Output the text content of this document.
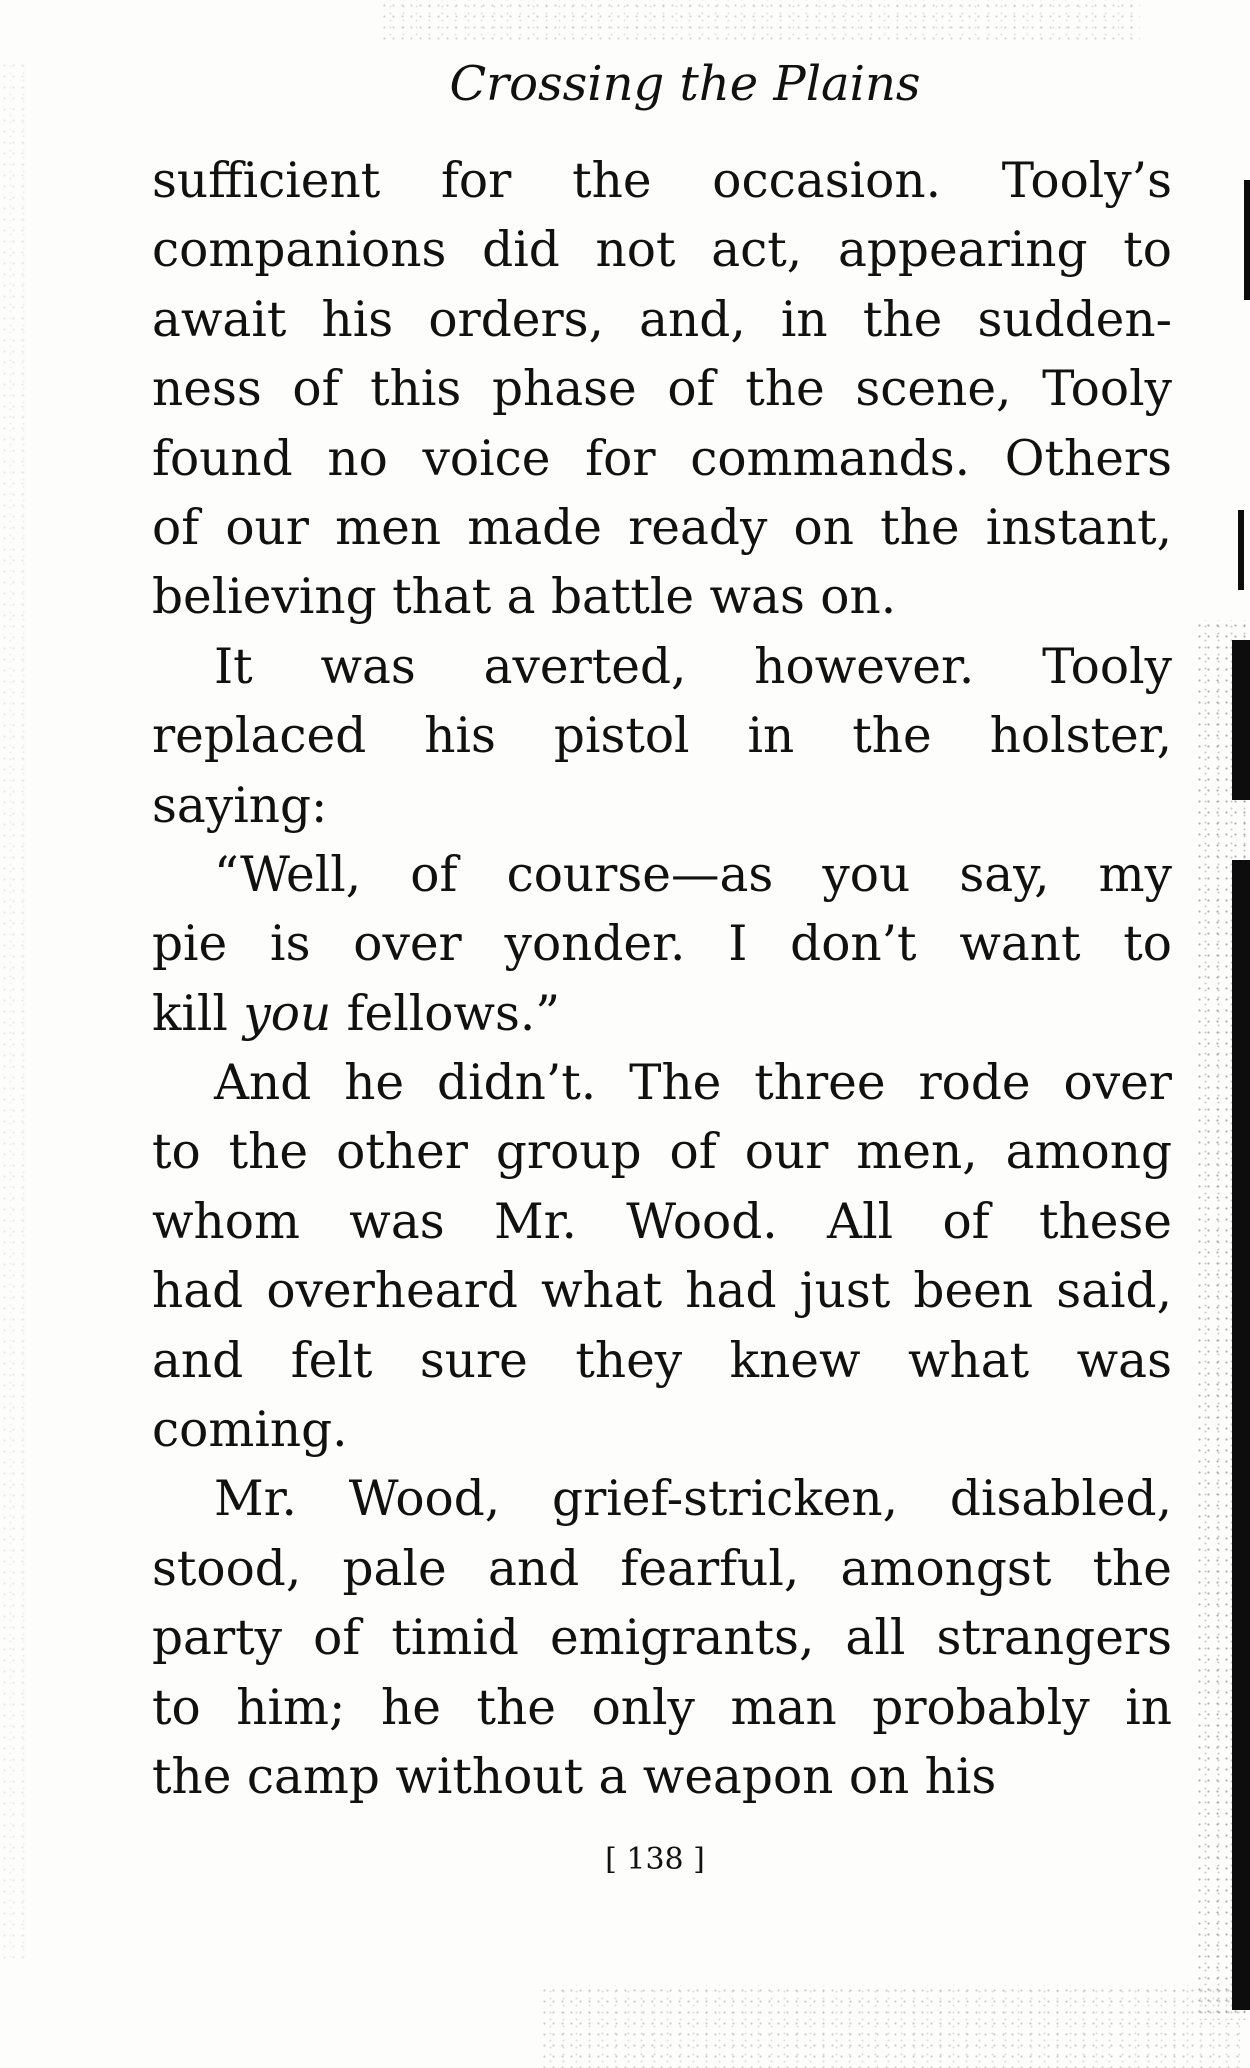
Crossing the Plains
sufficient for the occasion. Tooly’s
companions did not act, appearing to
await his orders, and, in the sudden-
ness of this phase of the scene, Tooly
found no voice for commands. Others
of our men made ready on the instant,
believing that a battle was on.
It was averted, however. Tooly
replaced his pistol in the holster,
saying:
“Well, of course—as you say, my
pie is over yonder. I don’t want to
kill you fellows.”
And he didn’t. The three rode over
to the other group of our men, among
whom was Mr. Wood. All of these
had overheard what had just been said,
and felt sure they knew what was
coming.
Mr. Wood, grief-stricken, disabled,
stood, pale and fearful, amongst the
party of timid emigrants, all strangers
to him; he the only man probably in
the camp without a weapon on his
[ 138 ]
